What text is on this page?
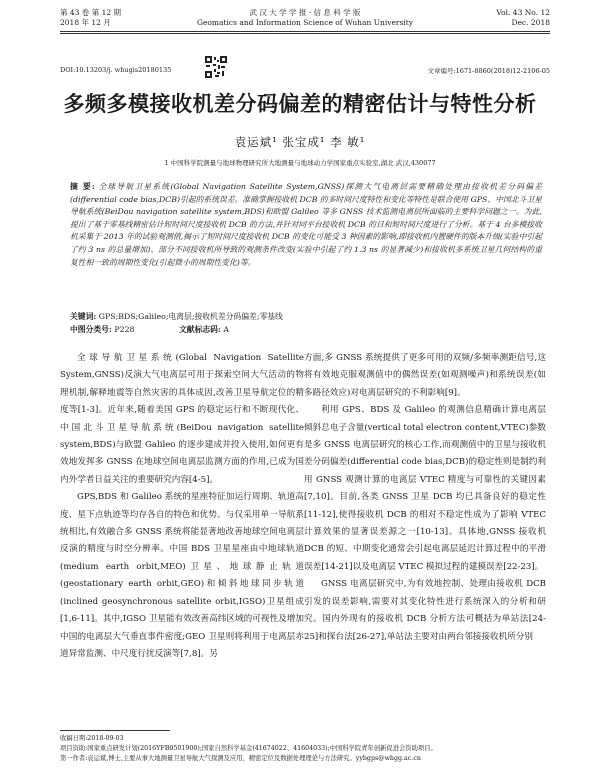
第 43 卷 第 12 期
2018 年 12 月
武 汉 大 学 学 报 · 信 息 科 学 版
Geomatics and Information Science of Wuhan University
Vol. 43 No. 12
Dec. 2018
DOI:10.13203/j. whugis20180135	文章编号:1671-8860(2018)12-2106-05
多频多模接收机差分码偏差的精密估计与特性分析
袁运斌¹ 张宝成¹ 李 敏¹
1 中国科学院测量与地球物理研究所大地测量与地球动力学国家重点实验室,湖北 武汉,430077
摘 要: 全球导航卫星系统(Global Navigation Satellite System,GNSS)探测大气电离层需要精确处理由接收机差分码偏差(differential code bias,DCB)引起的系统误差。准确掌握接收机 DCB 的多时间尺度特性和变化等特性是联合使用 GPS、中国北斗卫星导航系统(BeiDou navigation satellite system,BDS)和欧盟 Galileo 等多 GNSS 技术监测电离层所面临的主要科学问题之一。为此,提出了基于零基线精密估计短时间尺度接收机 DCB 的方法,并针对同平台接收机 DCB 的日和短时间尺度进行了分析。基于 4 台多模接收机采集于 2013 年的试验观测值,揭示了短时间尺度接收机 DCB 的变化可能受 3 种因素的影响,即接收机内置硬件的版本升级(实验中引起了约 3 ns 的总量增加)、部分不同接收机所导致的观测条件改变(实验中引起了约 1.3 ns 的显著减少)和接收机多系统卫星几何结构的重复性相一致的周期性变化(引起微小的周期性变化)等。
关键词: GPS;BDS;Galileo;电离层;接收机差分码偏差;零基线
中图分类号: P228	文献标志码: A

全球导航卫星系统(Global Navigation Satellite System,GNSS)反演大气电离层可用于探索空间大气活动的物理机制,解释地震等自然灾害的具体成因,改善卫星导航定位的精度等[1-3]。近年来,随着美国 GPS 的稳定运行和不断现代化、中国北斗卫星导航系统(BeiDou navigation satellite system,BDS)与欧盟 Galileo 的逐步建成并投入使用,如何更有效地发挥多 GNSS 在地球空间电离层监测方面的作用,已成为国内外学者日益关注的重要研究内容[4-5]。

GPS,BDS 和 Galileo 系统的星座特征加运行周期、轨道高度、星下点轨迹等均存各自的特色和优势。与仅采用单一导航系统相比,有效融合多 GNSS 系统将能显著地改善地球空间电离层反演的精度与时空分辨率。中国 BDS 卫星星座由中地球轨道(medium earth orbit,MEO)卫星、地球静止轨道(geostationary earth orbit,GEO)和倾斜地球同步轨道(inclined geosynchronous satellite orbit,IGSO)卫星组成[1,6-11]。其中,IGSO 卫星能有效改善高纬区域的可视性及增加中国的电离层大气垂直事件密度;GEO 卫星则将利用于电离层赤道异常监测、中尺度行扰反演等[7,8]。另

方面,多 GNSS 系统提供了更多可用的双频/多频率测距信号,这将有效地克服观测值中的偶然误差(如观测噪声)和系统误差(如多路径效应)对电离层研究的不利影响[9]。

利用 GPS、BDS 及 Galileo 的观测信息精确计算电离层倾斜总电子含量(vertical total electron content,VTEC)参数是多 GNSS 电离层研究的核心工作,而观测值中的卫星与接收机差分码偏差(differential code bias,DCB)的稳定性则是制约利用 GNSS 观测计算的电离层 VTEC 精度与可靠性的关键因素[7,10]。目前,各类 GNSS 卫星 DCB 均已具备良好的稳定性[11-12],使得接收机 DCB 的相对不稳定性成为了影响 VTEC 计算效果的显著误差源之一[10-13]。具体地,GNSS 接收机 DCB 的短、中期变化通常会引起电离层延迟计算过程中的平滑误差[14-21]以及电离层 VTEC 模拟过程的建模误差[22-23]。

GNSS 电离层研究中,为有效地控制、处理由接收机 DCB 引发的误差影响,需要对其变化特性进行系统深入的分析和研究。国内外现有的接收机 DCB 分析方法可概括为单站法[24-25]和探台法[26-27],单站法主要对由两台邻接接收机所分别

收稿日期:2018-09-03

项目资助:国家重点研发计划(2016YFB0501900);国家自然科学基金(41674022、41604033);中国科学院青年创新促进会资助项目。

第一作者:袁运斌,博士,主要从事大地测量卫星导航大气探测及应用、精密定位及数据处理理论与方法研究。yybgps@whgg.ac.cn
